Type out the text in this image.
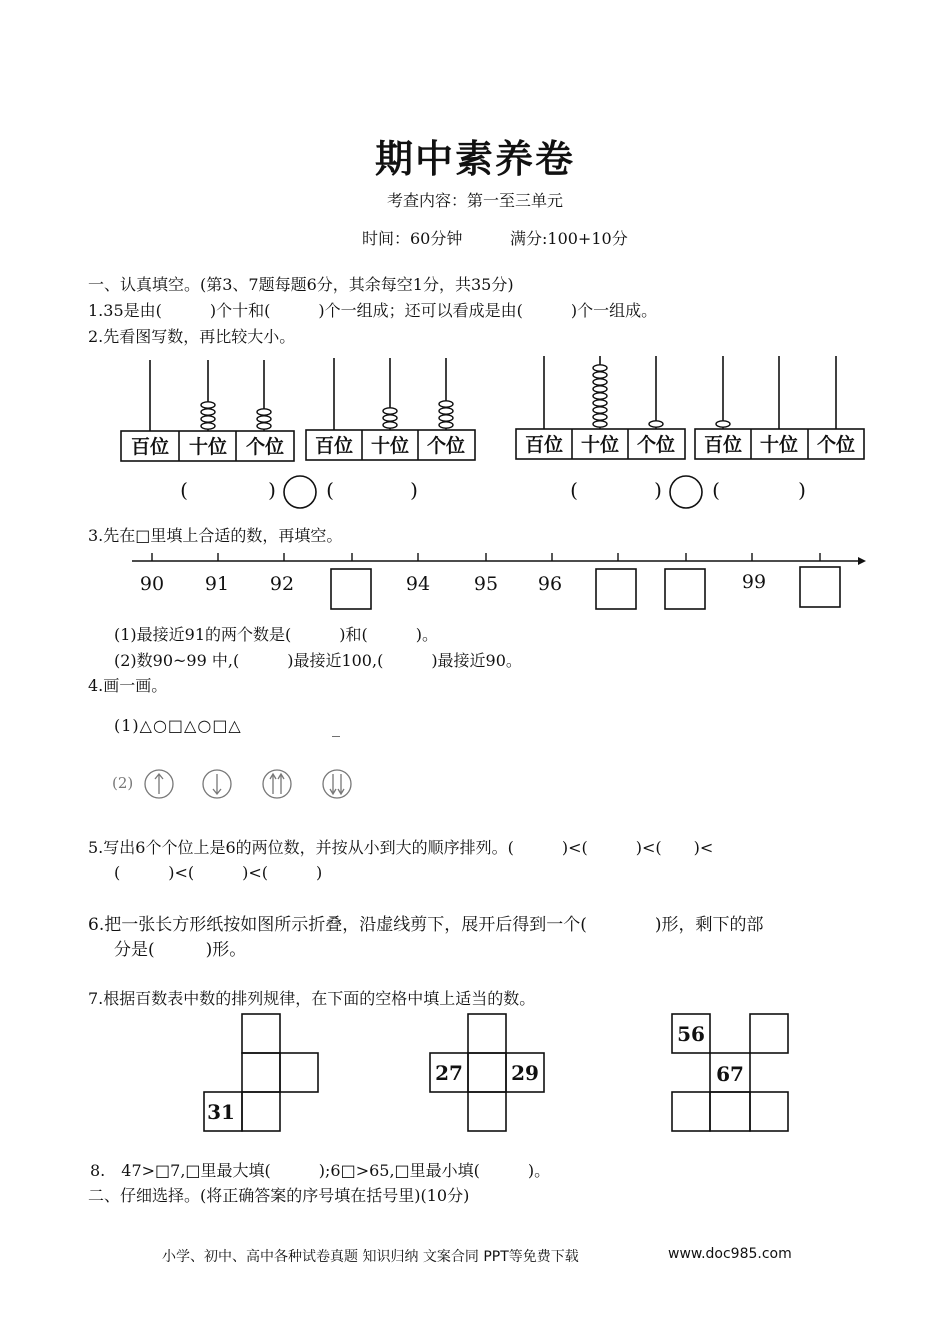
期中素养卷
考查内容：第一至三单元
时间：60分钟	满分:100+10分
一、认真填空。(第3、7题每题6分，其余每空1分，共35分)
1.35是由(　　　)个十和(　　　)个一组成；还可以看成是由(　　　)个一组成。
2.先看图写数，再比较大小。
百位 十位 个位 百位 十位 个位	百位 十位 个位 百位 十位 个位
(	)	(	)	(	)	(	)
3.先在□里填上合适的数，再填空。
90 91 92	94 95 96	99
(1)最接近91的两个数是(　　　)和(　　　)。
(2)数90~99 中,(　　　)最接近100,(　　　)最接近90。
4.画一画。
(1)△○□△○□△	_
(2)
5.写出6个个位上是6的两位数，并按从小到大的顺序排列。(　　　)<(　　　)<(　　)<
(　　　)<(　　　)<(　　　)
6.把一张长方形纸按如图所示折叠，沿虚线剪下，展开后得到一个(　　　　)形，剩下的部
分是(　　　)形。
7.根据百数表中数的排列规律，在下面的空格中填上适当的数。
31
27 29
56
67
8.　47>□7,□里最大填(　　　);6□>65,□里最小填(　　　)。
二、仔细选择。(将正确答案的序号填在括号里)(10分)
小学、初中、高中各种试卷真题 知识归纳 文案合同 PPT等免费下载	www.doc985.com
